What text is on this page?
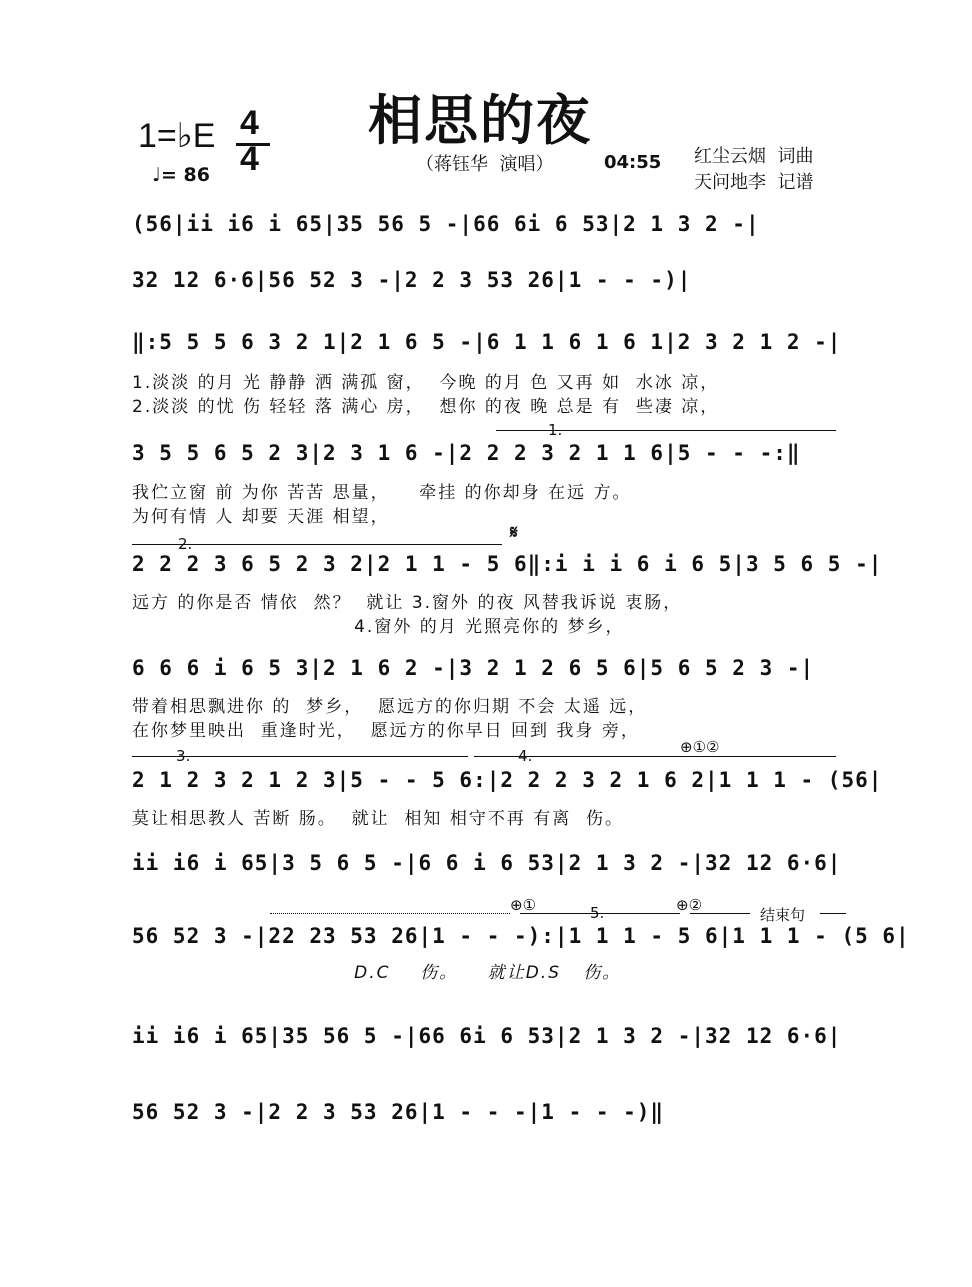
相思的夜
1=♭E 4
4
♩= 86	（蒋钰华  演唱）	04:55 红尘云烟  词曲
天问地李  记谱
(56|ii i6 i 65|35 56 5 -|66 6i 6 53|2 1 3 2 -|
32 12 6·6|56 52 3 -|2 2 3 53 26|1 - - -)|
‖:5 5 5 6 3 2 1|2 1 6 5 -|6 1 1 6 1 6 1|2 3 2 1 2 -|
1.淡淡 的月 光 静静 洒 满孤 窗，  今晚 的月 色 又再 如  水冰 凉，
2.淡淡 的忧 伤 轻轻 落 满心 房，  想你 的夜 晚 总是 有  些凄 凉，
1.
3 5 5 6 5 2 3|2 3 1 6 -|2 2 2 3 2 1 1 6|5 - - -:‖
我伫立窗 前 为你 苦苦 思量，    牵挂 的你却身 在远 方。
为何有情 人 却要 天涯 相望，
2.
𝄋
2 2 2 3 6 5 2 3 2|2 1 1 - 5 6‖:i i i 6 i 6 5|3 5 6 5 -|
远方 的你是否 情依  然？  就让 3.窗外 的夜 风替我诉说 衷肠，
4.窗外 的月 光照亮你的 梦乡，
6 6 6 i 6 5 3|2 1 6 2 -|3 2 1 2 6 5 6|5 6 5 2 3 -|
带着相思飘进你 的  梦乡，  愿远方的你归期 不会 太遥 远，
在你梦里映出  重逢时光，  愿远方的你早日 回到 我身 旁，
3.	4.	⊕①②
2 1 2 3 2 1 2 3|5 - - 5 6:|2 2 2 3 2 1 6 2|1 1 1 - (56|
莫让相思教人 苦断 肠。  就让  相知 相守不再 有离  伤。
ii i6 i 65|3 5 6 5 -|6 6 i 6 53|2 1 3 2 -|32 12 6·6|
⊕①	5.	⊕②
结束句
56 52 3 -|22 23 53 26|1 - - -):|1 1 1 - 5 6|1 1 1 - (5 6|
D.C    伤。    就让D.S   伤。
ii i6 i 65|35 56 5 -|66 6i 6 53|2 1 3 2 -|32 12 6·6|
56 52 3 -|2 2 3 53 26|1 - - -|1 - - -)‖
